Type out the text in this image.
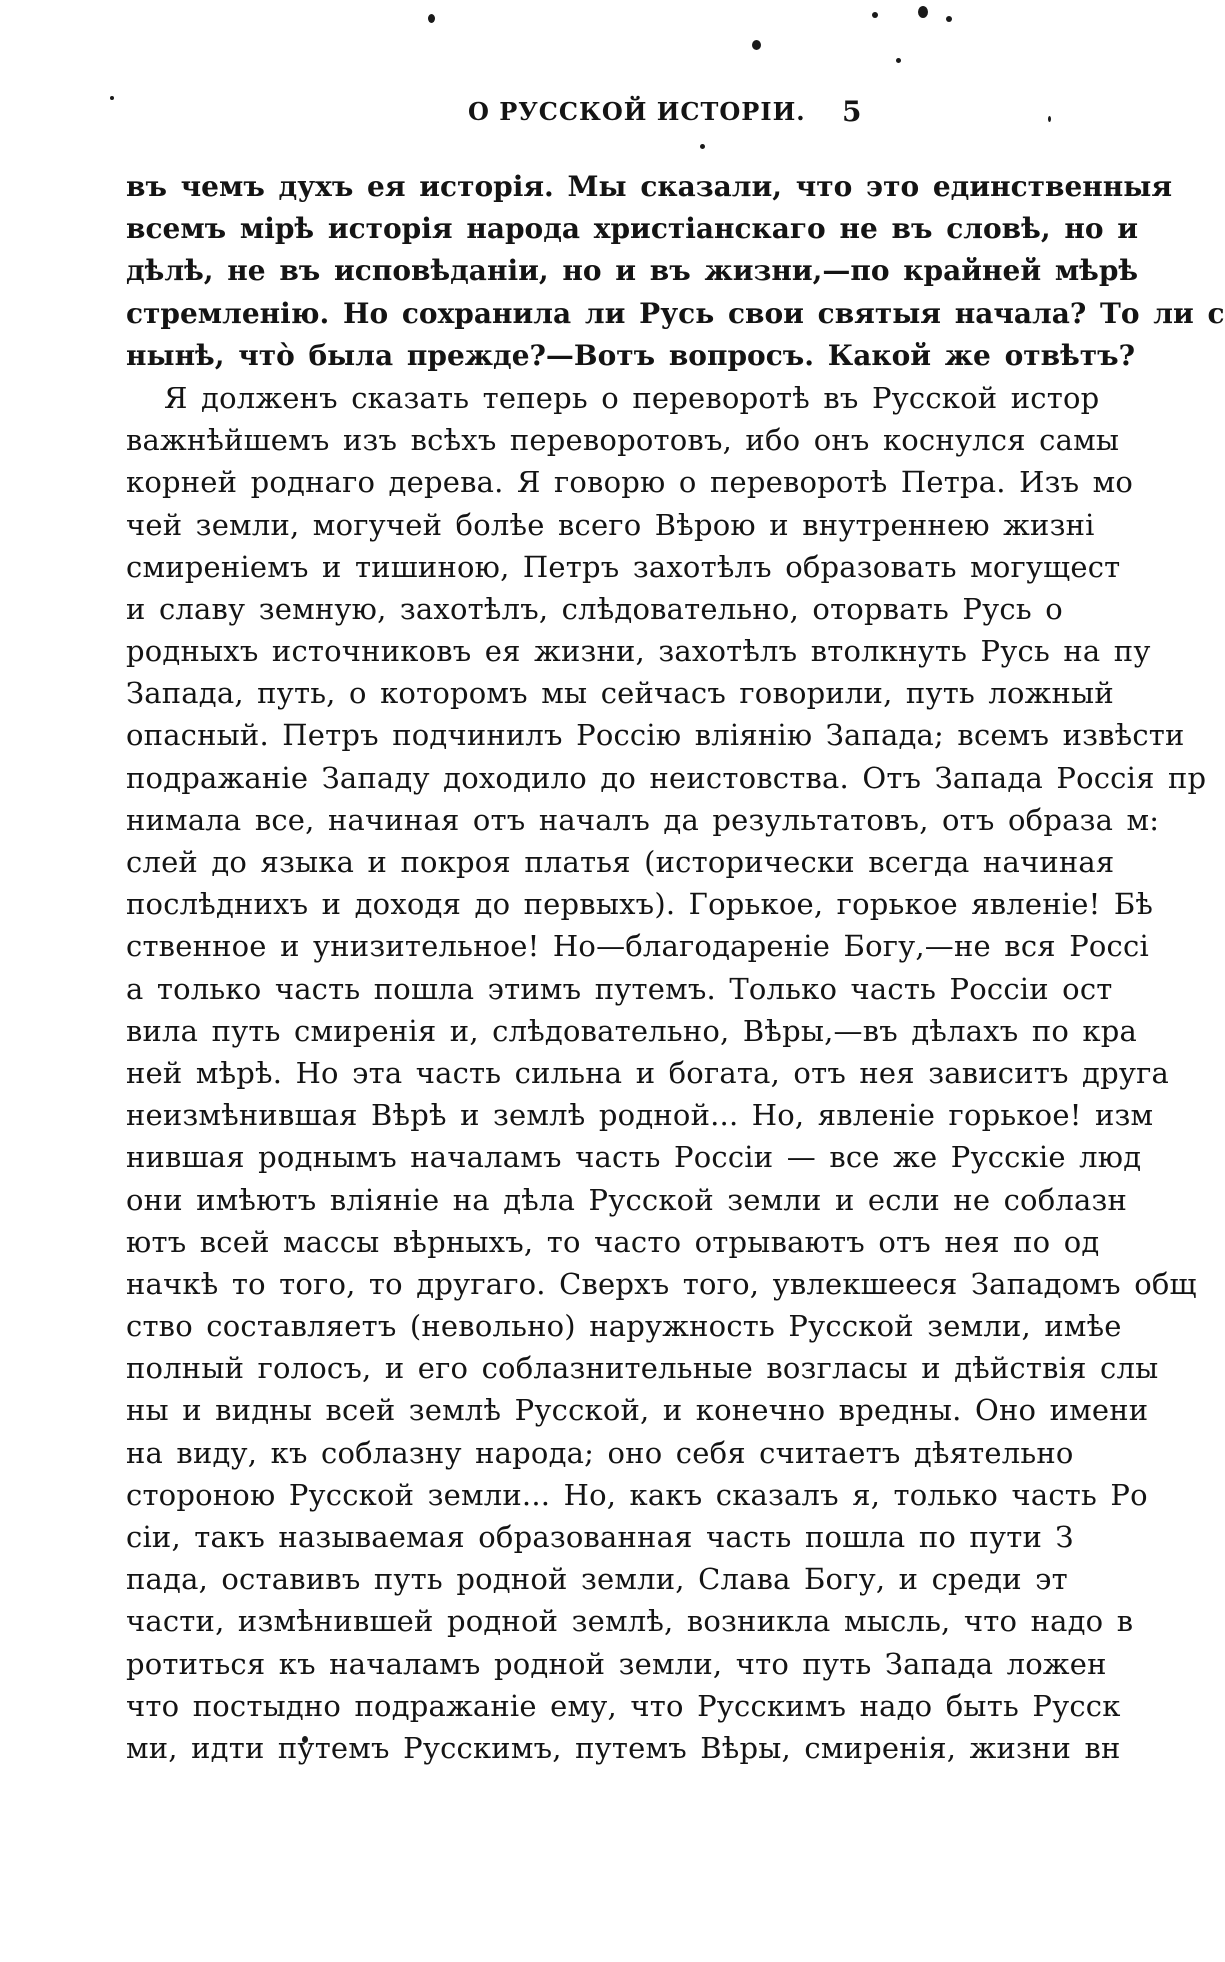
О РУССКОЙ ИСТОРІИ. 5
въ чемъ духъ ея исторія. Мы сказали, что это единственныя
всемъ мірѣ исторія народа христіанскаго не въ словѣ, но и
дѣлѣ, не въ исповѣданіи, но и въ жизни,—по крайней мѣрѣ
стремленію. Но сохранила ли Русь свои святыя начала? То ли с
нынѣ, что̀ была прежде?—Вотъ вопросъ. Какой же отвѣтъ?
Я долженъ сказать теперь о переворотѣ въ Русской истор
важнѣйшемъ изъ всѣхъ переворотовъ, ибо онъ коснулся самы
корней роднаго дерева. Я говорю о переворотѣ Петра. Изъ мо
чей земли, могучей болѣе всего Вѣрою и внутреннею жизні
смиреніемъ и тишиною, Петръ захотѣлъ образовать могущест
и славу земную, захотѣлъ, слѣдовательно, оторвать Русь о
родныхъ источниковъ ея жизни, захотѣлъ втолкнуть Русь на пу
Запада, путь, о которомъ мы сейчасъ говорили, путь ложный
опасный. Петръ подчинилъ Россію вліянію Запада; всемъ извѣсти
подражаніе Западу доходило до неистовства. Отъ Запада Россія пр
нимала все, начиная отъ началъ да результатовъ, отъ образа м:
слей до языка и покроя платья (исторически всегда начиная
послѣднихъ и доходя до первыхъ). Горькое, горькое явленіе! Бѣ
ственное и унизительное! Но—благодареніе Богу,—не вся Россі
а только часть пошла этимъ путемъ. Только часть Россіи ост
вила путь смиренія и, слѣдовательно, Вѣры,—въ дѣлахъ по кра
ней мѣрѣ. Но эта часть сильна и богата, отъ нея зависитъ друга
неизмѣнившая Вѣрѣ и землѣ родной... Но, явленіе горькое! изм
нившая роднымъ началамъ часть Россіи — все же Русскіе люд
они имѣютъ вліяніе на дѣла Русской земли и если не соблазн
ютъ всей массы вѣрныхъ, то часто отрываютъ отъ нея по од
начкѣ то того, то другаго. Сверхъ того, увлекшееся Западомъ общ
ство составляетъ (невольно) наружность Русской земли, имѣе
полный голосъ, и его соблазнительные возгласы и дѣйствія слы
ны и видны всей землѣ Русской, и конечно вредны. Оно имени
на виду, къ соблазну народа; оно себя считаетъ дѣятельно
стороною Русской земли... Но, какъ сказалъ я, только часть Ро
сіи, такъ называемая образованная часть пошла по пути З
пада, оставивъ путь родной земли, Слава Богу, и среди эт
части, измѣнившей родной землѣ, возникла мысль, что надо в
ротиться къ началамъ родной земли, что путь Запада ложен
что постыдно подражаніе ему, что Русскимъ надо быть Русск
ми, идти путемъ Русскимъ, путемъ Вѣры, смиренія, жизни вн
